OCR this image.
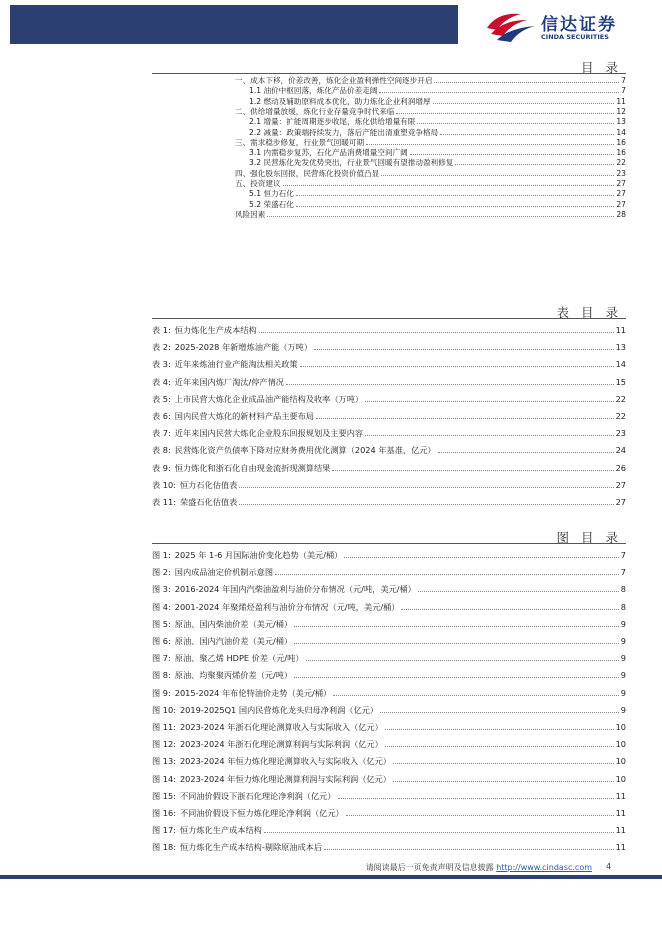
信达证券
CINDA SECURITIES
目 录
一、成本下移，价差改善，炼化企业盈利弹性空间逐步开启	7
1.1 油价中枢回落，炼化产品价差走阔	7
1.2 燃动及辅助原料成本优化，助力炼化企业利润增厚	11
二、供给增量放缓，炼化行业存量竞争时代来临	12
2.1 增量：扩能周期逐步收尾，炼化供给增量有限	13
2.2 减量：政策端持续发力，落后产能出清重塑竞争格局	14
三、需求稳步修复，行业景气回暖可期	16
3.1 内需稳步复苏，石化产品消费增量空间广阔	16
3.2 民营炼化先发优势突出，行业景气回暖有望推动盈利修复	22
四、强化股东回报，民营炼化投资价值凸显	23
五、投资建议	27
5.1 恒力石化	27
5.2 荣盛石化	27
风险因素	28
表 目 录
表 1: 恒力炼化生产成本结构	11
表 2: 2025-2028 年新增炼油产能（万吨）	13
表 3: 近年来炼油行业产能淘汰相关政策	14
表 4: 近年来国内炼厂淘汰/停产情况	15
表 5: 上市民营大炼化企业成品油产能结构及收率（万吨）	22
表 6: 国内民营大炼化的新材料产品主要布局	22
表 7: 近年来国内民营大炼化企业股东回报规划及主要内容	23
表 8: 民营炼化资产负债率下降对应财务费用优化测算（2024 年基准，亿元）	24
表 9: 恒力炼化和浙石化自由现金流折现测算结果	26
表 10: 恒力石化估值表	27
表 11: 荣盛石化估值表	27
图 目 录
图 1: 2025 年 1-6 月国际油价变化趋势（美元/桶）	7
图 2: 国内成品油定价机制示意图	7
图 3: 2016-2024 年国内汽柴油盈利与油价分布情况（元/吨，美元/桶）	8
图 4: 2001-2024 年聚烯烃盈利与油价分布情况（元/吨，美元/桶）	8
图 5: 原油、国内柴油价差（美元/桶）	9
图 6: 原油、国内汽油价差（美元/桶）	9
图 7: 原油、聚乙烯 HDPE 价差（元/吨）	9
图 8: 原油、均聚聚丙烯价差（元/吨）	9
图 9: 2015-2024 年布伦特油价走势（美元/桶）	9
图 10: 2019-2025Q1 国内民营炼化龙头归母净利润（亿元）	9
图 11: 2023-2024 年浙石化理论测算收入与实际收入（亿元）	10
图 12: 2023-2024 年浙石化理论测算利润与实际利润（亿元）	10
图 13: 2023-2024 年恒力炼化理论测算收入与实际收入（亿元）	10
图 14: 2023-2024 年恒力炼化理论测算利润与实际利润（亿元）	10
图 15: 不同油价假设下浙石化理论净利润（亿元）	11
图 16: 不同油价假设下恒力炼化理论净利润（亿元）	11
图 17: 恒力炼化生产成本结构	11
图 18: 恒力炼化生产成本结构-剔除原油成本后	11
请阅读最后一页免责声明及信息披露 http://www.cindasc.com 4
